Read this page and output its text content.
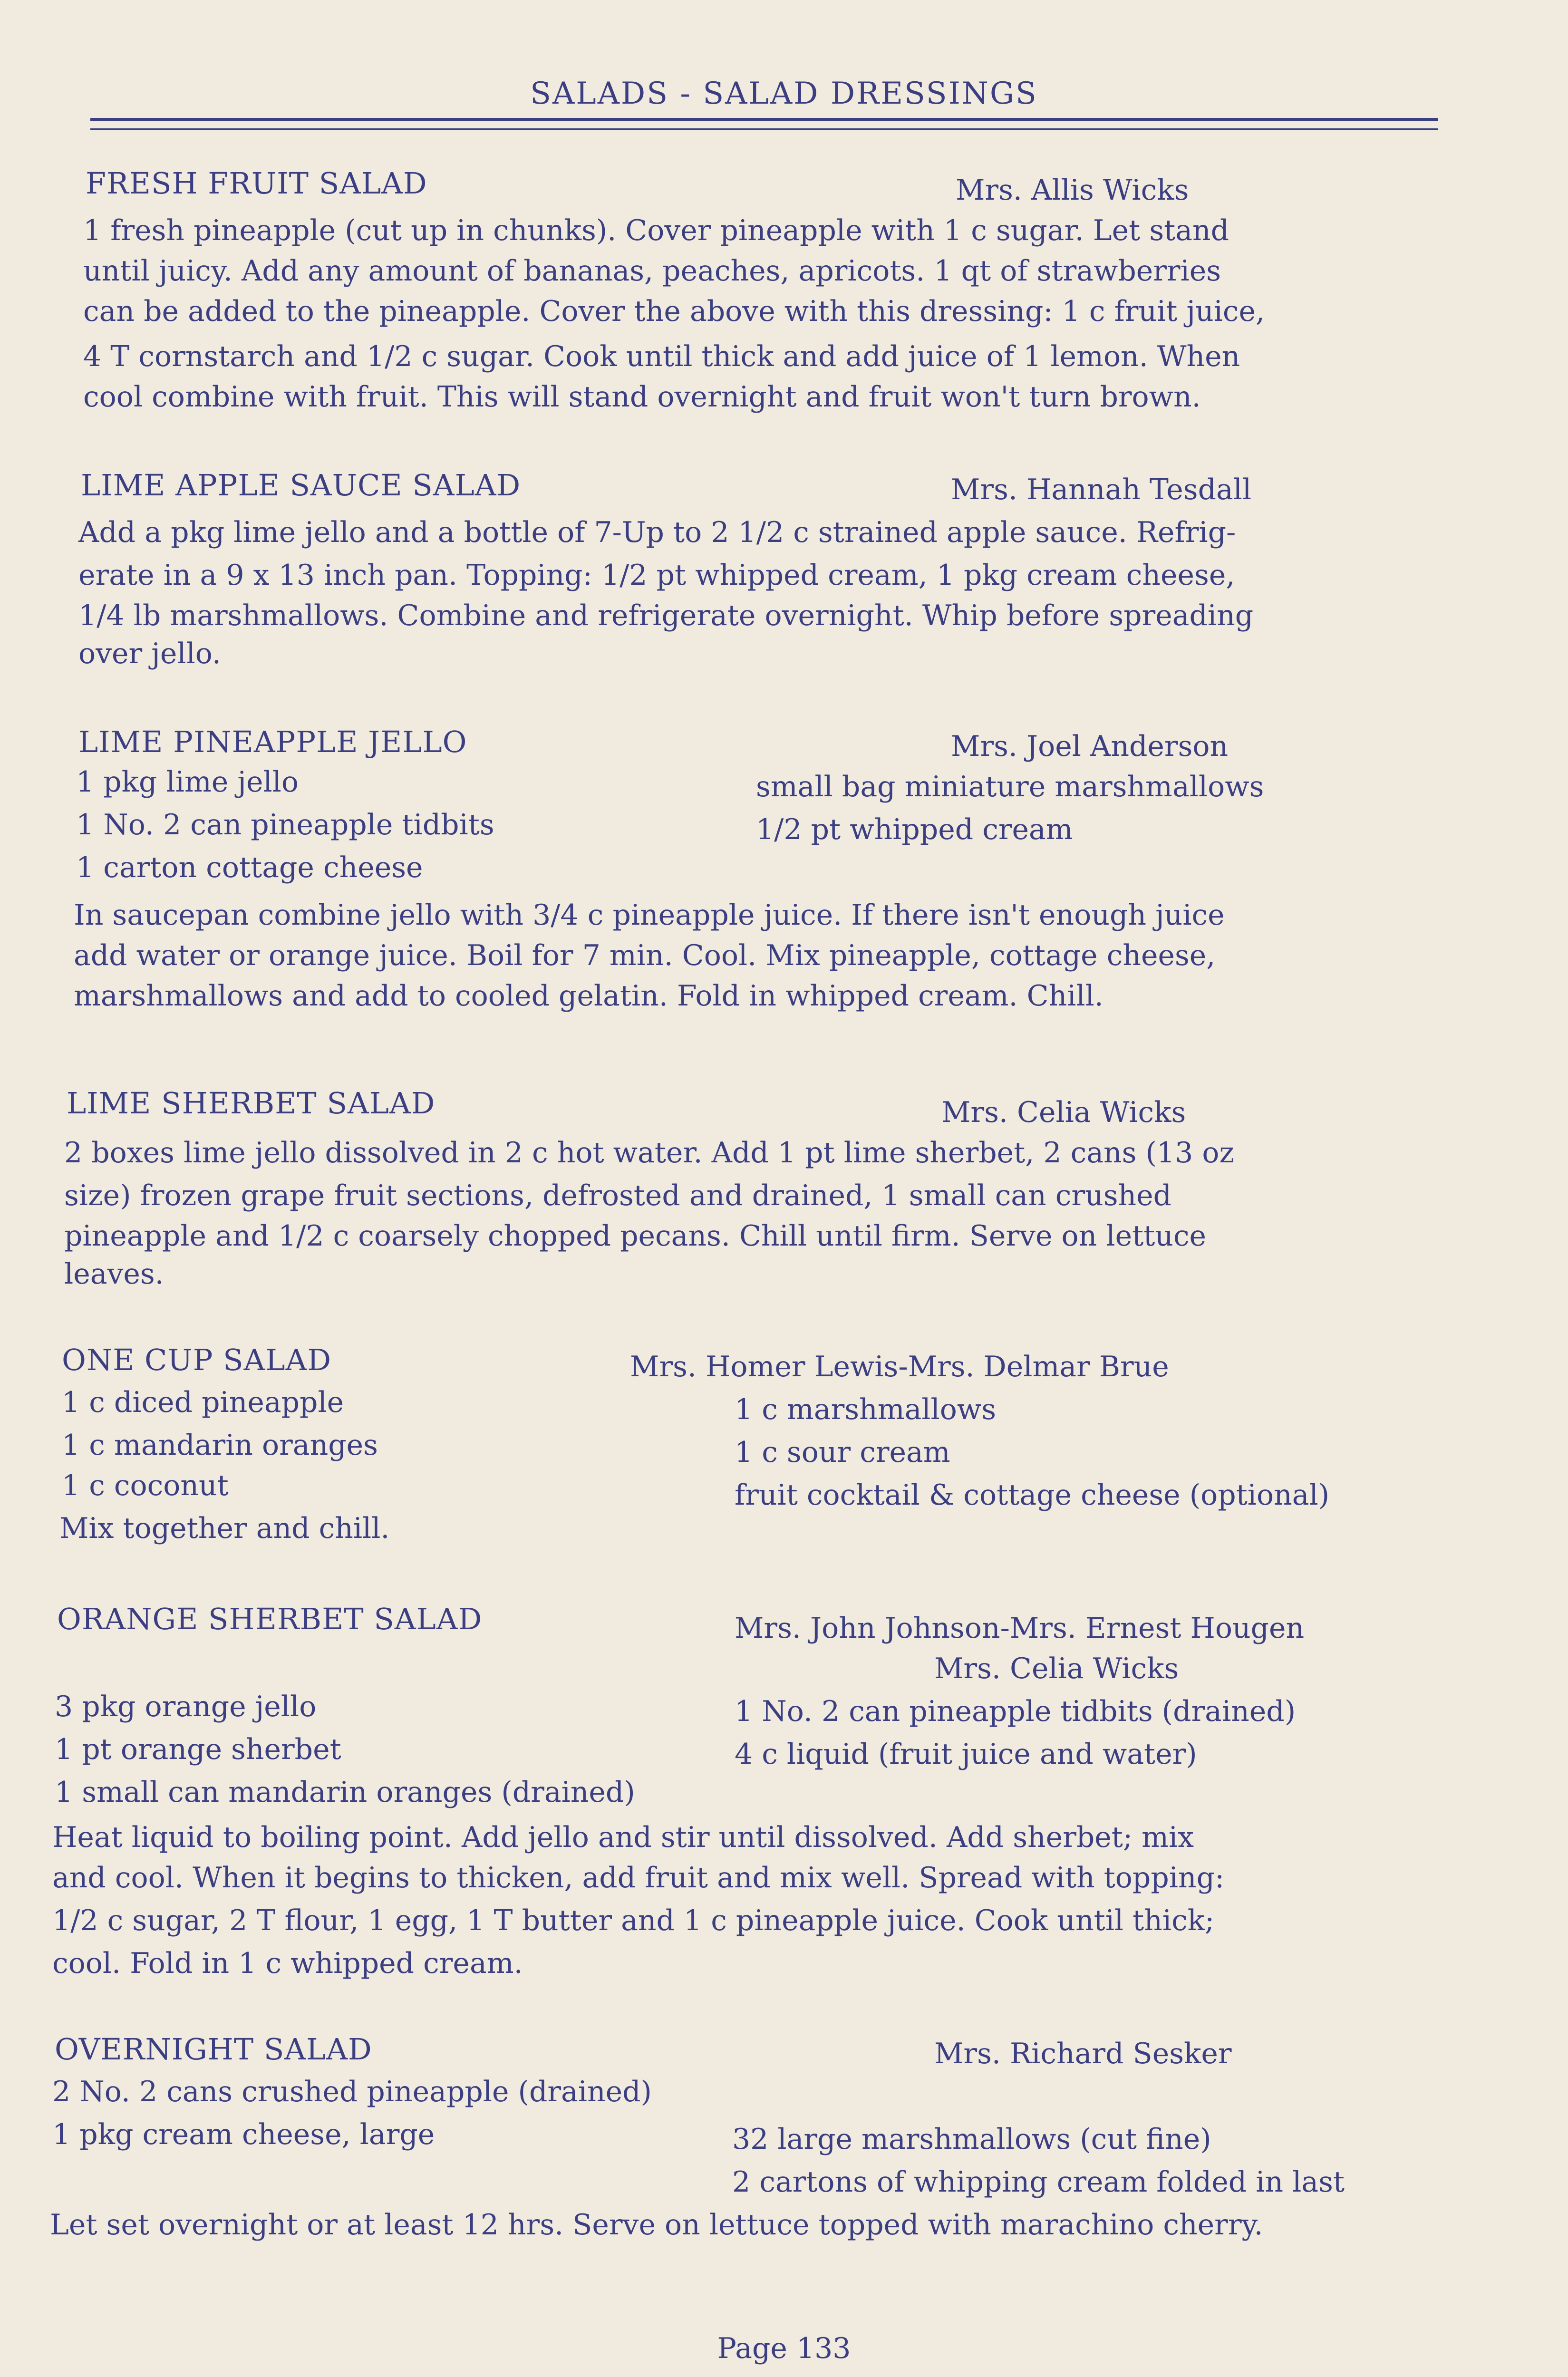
SALADS - SALAD DRESSINGS
FRESH FRUIT SALAD	Mrs. Allis Wicks
1 fresh pineapple (cut up in chunks). Cover pineapple with 1 c sugar. Let stand
until juicy. Add any amount of bananas, peaches, apricots. 1 qt of strawberries
can be added to the pineapple. Cover the above with this dressing: 1 c fruit juice,
4 T cornstarch and 1/2 c sugar. Cook until thick and add juice of 1 lemon. When
cool combine with fruit. This will stand overnight and fruit won't turn brown.
LIME APPLE SAUCE SALAD	Mrs. Hannah Tesdall
Add a pkg lime jello and a bottle of 7-Up to 2 1/2 c strained apple sauce. Refrig-
erate in a 9 x 13 inch pan. Topping: 1/2 pt whipped cream, 1 pkg cream cheese,
1/4 lb marshmallows. Combine and refrigerate overnight. Whip before spreading
over jello.
LIME PINEAPPLE JELLO	Mrs. Joel Anderson
1 pkg lime jello
1 No. 2 can pineapple tidbits
1 carton cottage cheese
small bag miniature marshmallows
1/2 pt whipped cream
In saucepan combine jello with 3/4 c pineapple juice. If there isn't enough juice
add water or orange juice. Boil for 7 min. Cool. Mix pineapple, cottage cheese,
marshmallows and add to cooled gelatin. Fold in whipped cream. Chill.
LIME SHERBET SALAD	Mrs. Celia Wicks
2 boxes lime jello dissolved in 2 c hot water. Add 1 pt lime sherbet, 2 cans (13 oz
size) frozen grape fruit sections, defrosted and drained, 1 small can crushed
pineapple and 1/2 c coarsely chopped pecans. Chill until firm. Serve on lettuce
leaves.
ONE CUP SALAD	Mrs. Homer Lewis-Mrs. Delmar Brue
1 c diced pineapple
1 c mandarin oranges
1 c coconut
1 c marshmallows
1 c sour cream
fruit cocktail & cottage cheese (optional)
Mix together and chill.
ORANGE SHERBET SALAD	Mrs. John Johnson-Mrs. Ernest Hougen
Mrs. Celia Wicks
3 pkg orange jello
1 pt orange sherbet
1 small can mandarin oranges (drained)
1 No. 2 can pineapple tidbits (drained)
4 c liquid (fruit juice and water)
Heat liquid to boiling point. Add jello and stir until dissolved. Add sherbet; mix
and cool. When it begins to thicken, add fruit and mix well. Spread with topping:
1/2 c sugar, 2 T flour, 1 egg, 1 T butter and 1 c pineapple juice. Cook until thick;
cool. Fold in 1 c whipped cream.
OVERNIGHT SALAD	Mrs. Richard Sesker
2 No. 2 cans crushed pineapple (drained)
1 pkg cream cheese, large	32 large marshmallows (cut fine)
2 cartons of whipping cream folded in last
Let set overnight or at least 12 hrs. Serve on lettuce topped with marachino cherry.
Page 133
